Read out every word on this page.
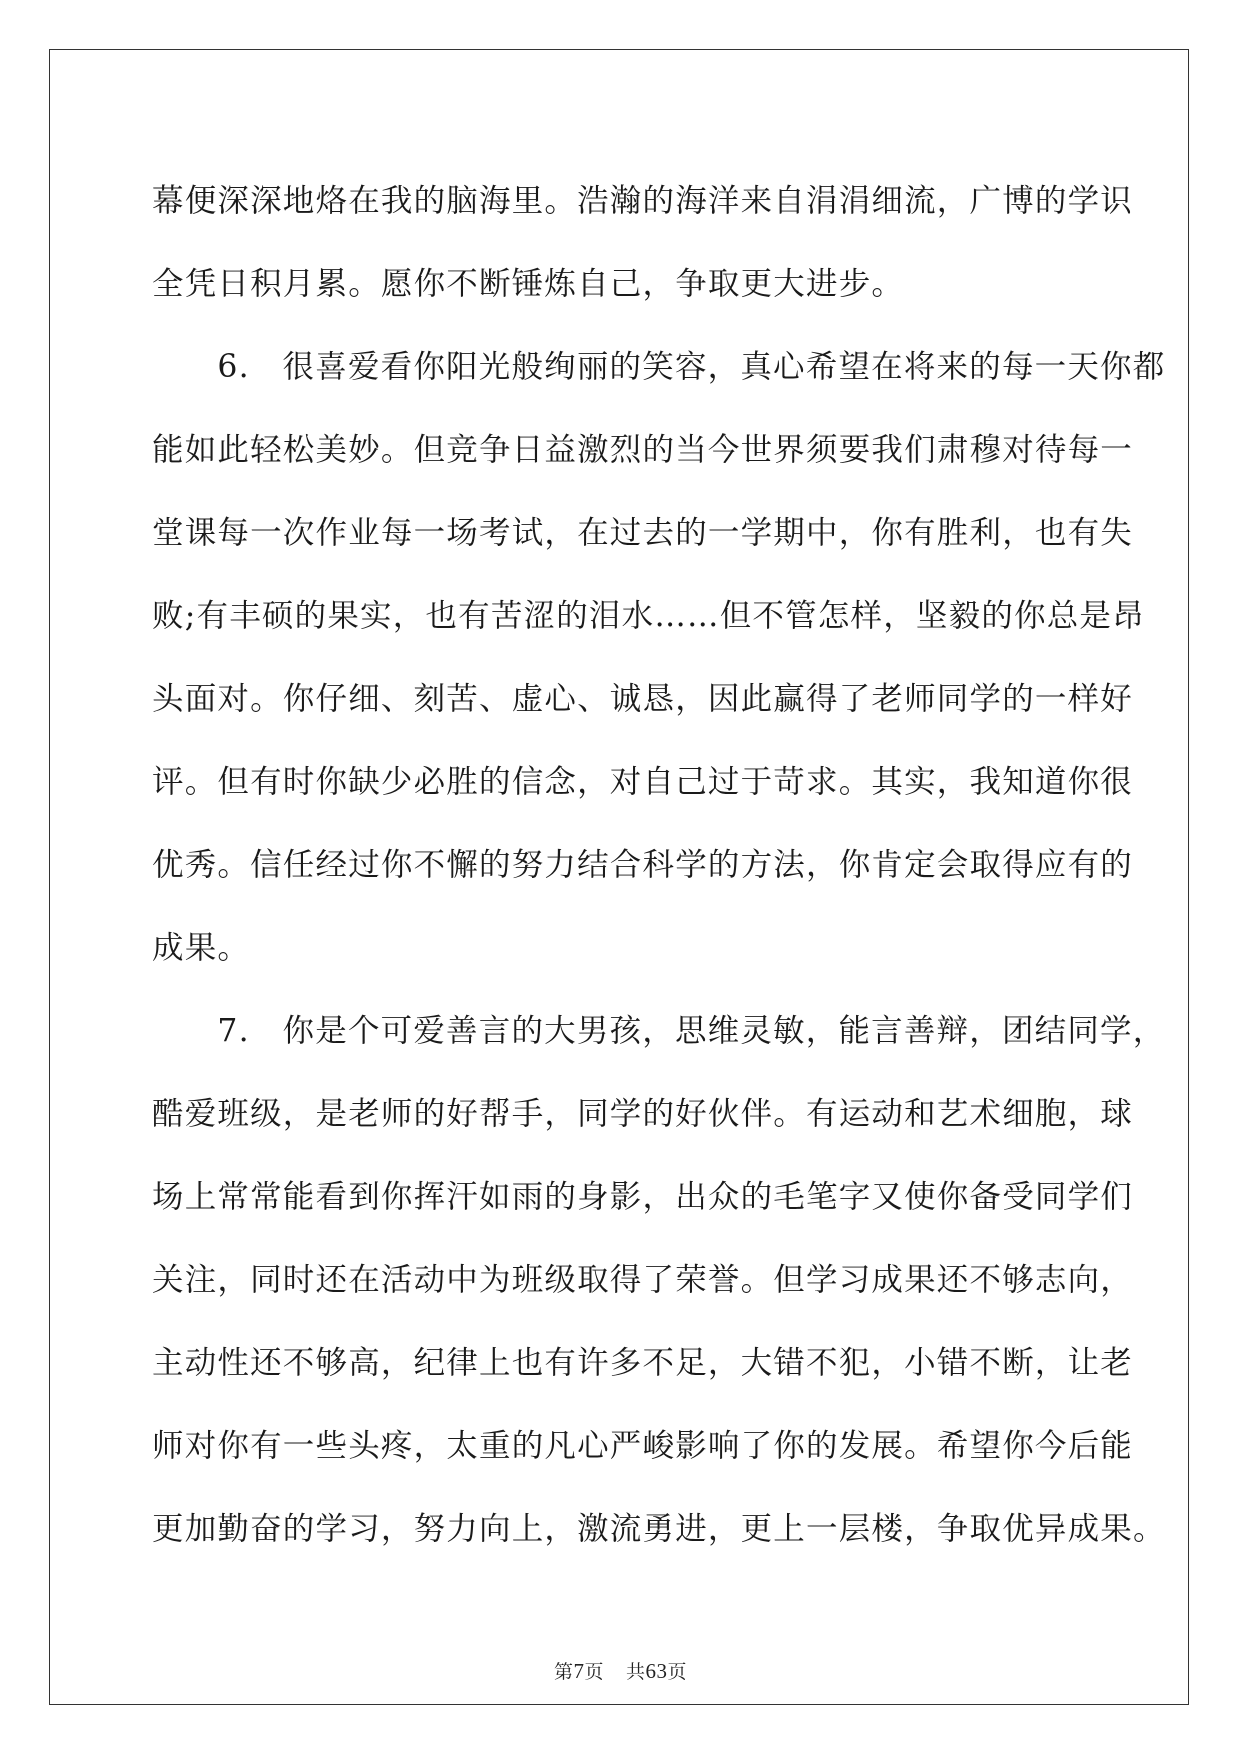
幕便深深地烙在我的脑海里。浩瀚的海洋来自涓涓细流，广博的学识
全凭日积月累。愿你不断锤炼自己，争取更大进步。
　　6.　很喜爱看你阳光般绚丽的笑容，真心希望在将来的每一天你都
能如此轻松美妙。但竞争日益激烈的当今世界须要我们肃穆对待每一
堂课每一次作业每一场考试，在过去的一学期中，你有胜利，也有失
败;有丰硕的果实，也有苦涩的泪水……但不管怎样，坚毅的你总是昂
头面对。你仔细、刻苦、虚心、诚恳，因此赢得了老师同学的一样好
评。但有时你缺少必胜的信念，对自己过于苛求。其实，我知道你很
优秀。信任经过你不懈的努力结合科学的方法，你肯定会取得应有的
成果。
　　7.　你是个可爱善言的大男孩，思维灵敏，能言善辩，团结同学，
酷爱班级，是老师的好帮手，同学的好伙伴。有运动和艺术细胞，球
场上常常能看到你挥汗如雨的身影，出众的毛笔字又使你备受同学们
关注，同时还在活动中为班级取得了荣誉。但学习成果还不够志向，
主动性还不够高，纪律上也有许多不足，大错不犯，小错不断，让老
师对你有一些头疼，太重的凡心严峻影响了你的发展。希望你今后能
更加勤奋的学习，努力向上，激流勇进，更上一层楼，争取优异成果。
第7页 共63页
